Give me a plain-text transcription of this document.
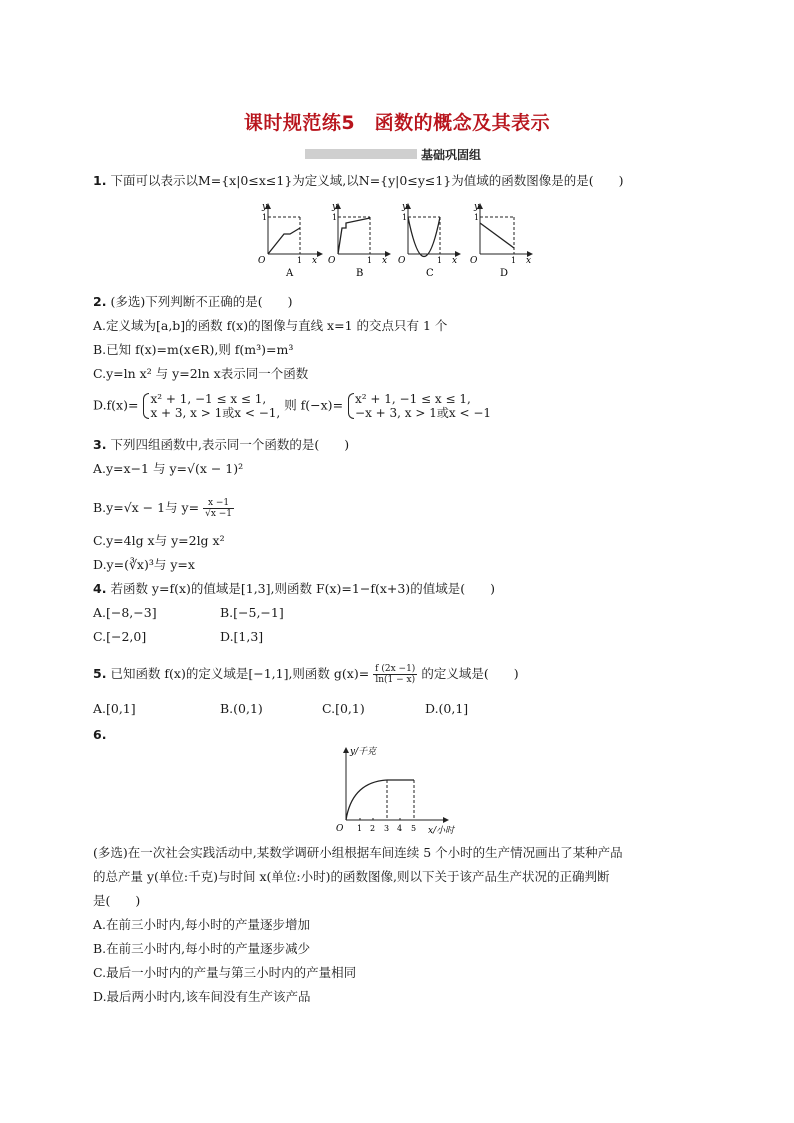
课时规范练5　函数的概念及其表示
基础巩固组
1. 下面可以表示以M={x|0≤x≤1}为定义域,以N={y|0≤y≤1}为值域的函数图像是的是(　　)
y
1
O	1 x
A
y
1
O	1 x
B
y
1
O	1 x
C
y
1
O	1 x
D
2. (多选)下列判断不正确的是(　　)
A.定义域为[a,b]的函数 f(x)的图像与直线 x=1 的交点只有 1 个
B.已知 f(x)=m(x∈R),则 f(m³)=m³
C.y=ln x² 与 y=2ln x表示同一个函数
D.f(x)= x² + 1, −1 ≤ x ≤ 1,
x + 3, x > 1或x < −1,
则 f(−x)= x² + 1, −1 ≤ x ≤ 1,
−x + 3, x > 1或x < −1
3. 下列四组函数中,表示同一个函数的是(　　)
A.y=x−1 与 y=√(x − 1)²
B.y=√x − 1与 $y= \frac{x -1}{√x -1}$
C.y=4lg x与 y=2lg x²
D.y=(∛x)³与 y=x
4. 若函数 y=f(x)的值域是[1,3],则函数 F(x)=1−f(x+3)的值域是(　　)
A.[−8,−3]	B.[−5,−1]
C.[−2,0]	D.[1,3]
5. 已知函数 f(x)的定义域是[−1,1],则函数 $g(x)= \frac{f (2x -1)}{\ln(1 - x)}$ 的定义域是(　　)
A.[0,1]	B.(0,1)	C.[0,1)	D.(0,1]
6.
y/千克
O 1 2 3 4 5 x/小时
(多选)在一次社会实践活动中,某数学调研小组根据车间连续 5 个小时的生产情况画出了某种产品
的总产量 y(单位:千克)与时间 x(单位:小时)的函数图像,则以下关于该产品生产状况的正确判断
是(　　)
A.在前三小时内,每小时的产量逐步增加
B.在前三小时内,每小时的产量逐步减少
C.最后一小时内的产量与第三小时内的产量相同
D.最后两小时内,该车间没有生产该产品
